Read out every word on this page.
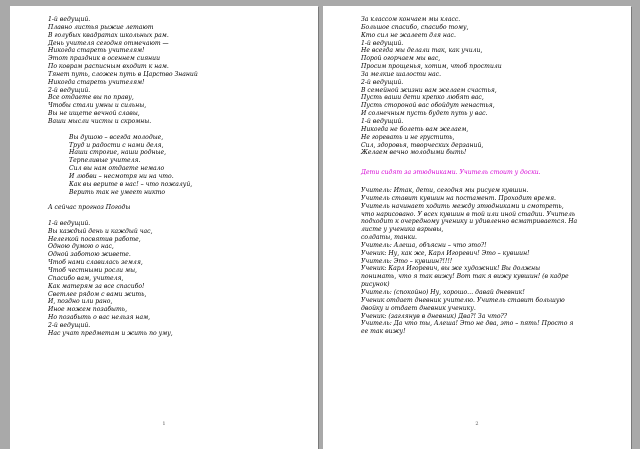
1-й ведущий.
Плавно листья рыжие летают
В голубых квадратах школьных рам.
День учителя сегодня отмечают —
Никогда стареть учителям!
Этот праздник в осеннем сиянии
По коврам расписным входит к нам.
Тянет путь, сложен путь в Царство Знаний
Никогда стареть учителям!
2-й ведущий.
Все отдаете вы по праву,
Чтобы стали умны и сильны,
Вы не ищете вечной славы,
Ваши мысли чисты и скромны.
Вы душою – всегда молодые,
Труд и радости с нами деля,
Наши строгие, наши родные,
Терпеливые учителя.
Сил вы нам отдаете немало
И любви – несмотря ни на что.
Как вы верите в нас! – что пожалуй,
Верить так не умеет никто
А сейчас прогноз Погоды
1-й ведущий.
Вы каждый день и каждый час,
Нелегкой посвятив работе,
Одною думою о нас,
Одной заботою живете.
Чтоб нами славилась земля,
Чтоб честными росли мы,
Спасибо вам, учителя,
Как матерям за все спасибо!
Светлее рядом с вами жить,
И, поздно или рано,
Иное можем позабыть,
Но позабыть о вас нельзя нам,
2-й ведущий.
Нас учат предметам и жить по уму,
1
За классом кончаем мы класс.
Большое спасибо, спасибо тому,
Кто сил не жалеет для нас.
1-й ведущий.
Не всегда мы делали так, как учили,
Порой огорчаем мы вас,
Просим прощенья, хотим, чтоб простили
За мелкие шалости нас.
2-й ведущий.
В семейной жизни вам желаем счастья,
Пусть ваши дети крепко любят вас,
Пусть стороной вас обойдут ненастья,
И солнечным пусть будет путь у вас.
1-й ведущий.
Никогда не болеть вам желаем,
Не горевать и не грустить,
Сил, здоровья, творческих дерзаний,
Желаем вечно молодыми быть!
Дети сидят за этюдниками. Учитель стоит у доски.
Учитель: Итак, дети, сегодня мы рисуем кувшин.
Учитель ставит кувшин на постамент. Проходит время.
Учитель начинает ходить между этюдниками и смотреть,
что нарисовано. У всех кувшин в той или иной стадии. Учитель
подходит к очередному ученику и удивленно всматривается. На
листе у ученика взрывы,
солдаты, танки.
Учитель: Алеша, объясни – что это?!
Ученик: Ну, как же, Карл Игоревич! Это – кувшин!
Учитель: Это – кувшин?!!!!
Ученик: Карл Игоревич, вы же художник! Вы должны
понимать, что я так вижу! Вот так я вижу кувшин! (в кадре
рисунок)
Учитель: (спокойно) Ну, хорошо… давай дневник!
Ученик отдает дневник учителю. Учитель ставит большую
двойку и отдает дневник ученику.
Ученик: (заглянув в дневник) Два?! За что??
Учитель: Да что ты, Алеша! Это не два, это – пять! Просто я
ее так вижу!
2
